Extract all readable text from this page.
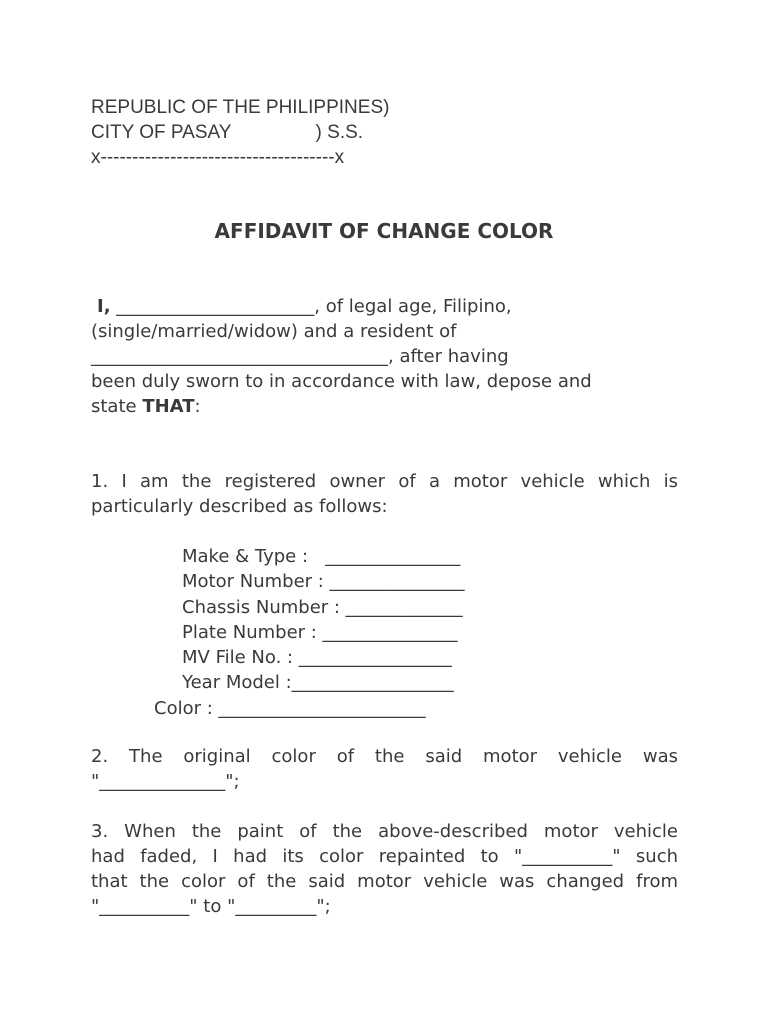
REPUBLIC OF THE PHILIPPINES)
CITY OF PASAY                ) S.S.
x-------------------------------------x
AFFIDAVIT OF CHANGE COLOR
I, ______________________, of legal age, Filipino,
(single/married/widow) and a resident of
_________________________________, after having
been duly sworn to in accordance with law, depose and
state THAT:
1. I am the registered owner of a motor vehicle which is
particularly described as follows:
Make & Type :   _______________
Motor Number : _______________
Chassis Number : _____________
Plate Number : _______________
MV File No. : _________________
Year Model :__________________
Color : _______________________
2. The original color of the said motor vehicle was
"______________";
3. When the paint of the above-described motor vehicle
had faded, I had its color repainted to "__________" such
that the color of the said motor vehicle was changed from
"__________" to "_________";
